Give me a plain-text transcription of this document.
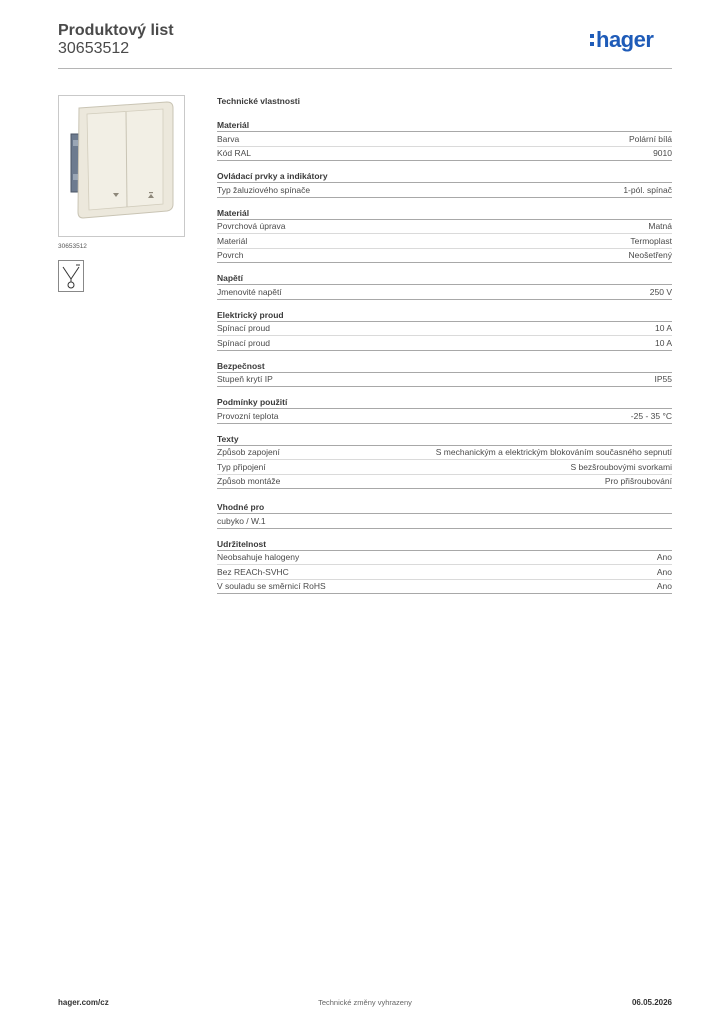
Produktový list
30653512	hager
30653512
Technické vlastnosti
Materiál
Barva	Polární bílá
Kód RAL	9010
Ovládací prvky a indikátory
Typ žaluziového spínače	1-pól. spínač
Materiál
Povrchová úprava	Matná
Materiál	Termoplast
Povrch	Neošetřený
Napětí
Jmenovité napětí	250 V
Elektrický proud
Spínací proud	10 A
Spínací proud	10 A
Bezpečnost
Stupeň krytí IP	IP55
Podmínky použití
Provozní teplota	-25 - 35 °C
Texty
Způsob zapojení	S mechanickým a elektrickým blokováním současného sepnutí
Typ připojení	S bezšroubovými svorkami
Způsob montáže	Pro přišroubování
Vhodné pro
cubyko / W.1
Udržitelnost
Neobsahuje halogeny	Ano
Bez REACh-SVHC	Ano
V souladu se směrnicí RoHS	Ano
hager.com/cz	Technické změny vyhrazeny	06.05.2026
